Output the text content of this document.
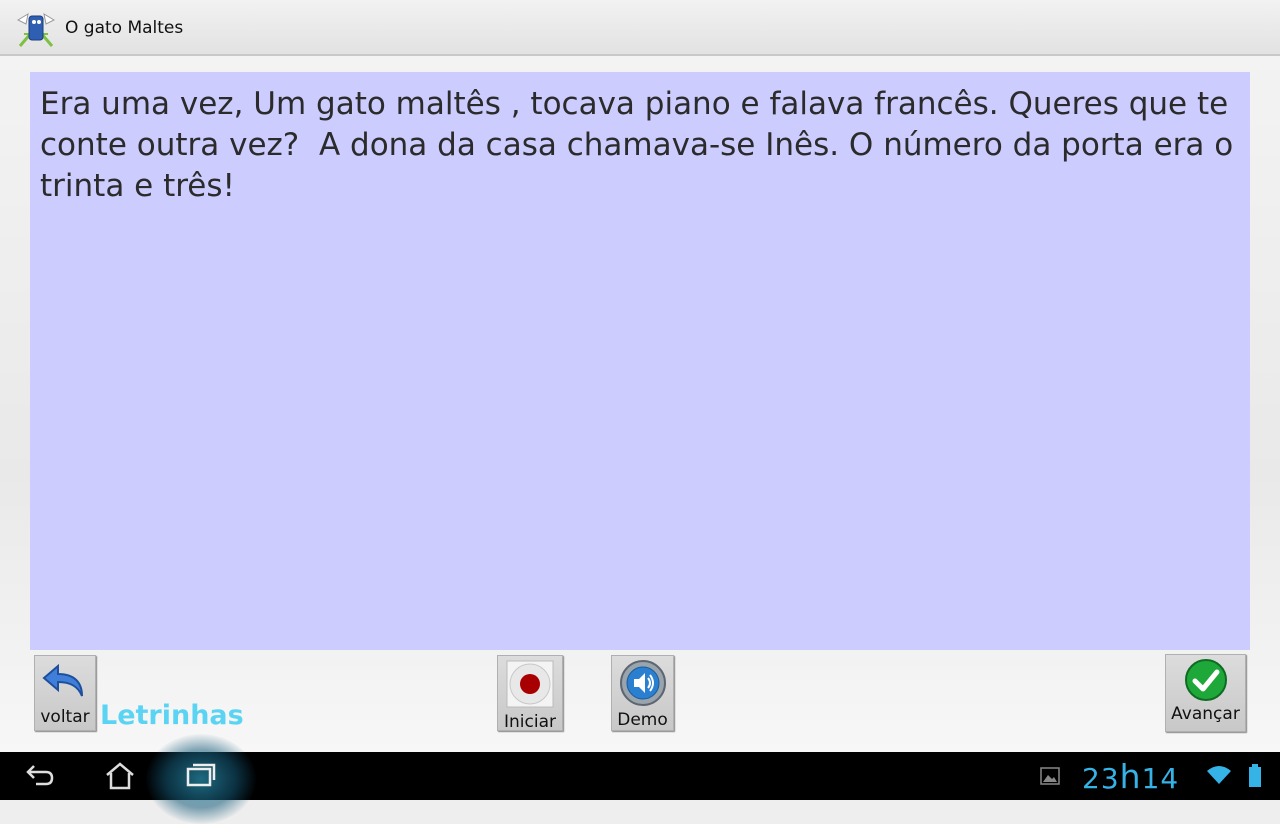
O gato Maltes

Era uma vez, Um gato maltês , tocava piano e falava francês. Queres que te conte outra vez?  A dona da casa chamava-se Inês. O número da porta era o trinta e três!

voltar Letrinhas	Iniciar	Demo	Avançar
23h14
